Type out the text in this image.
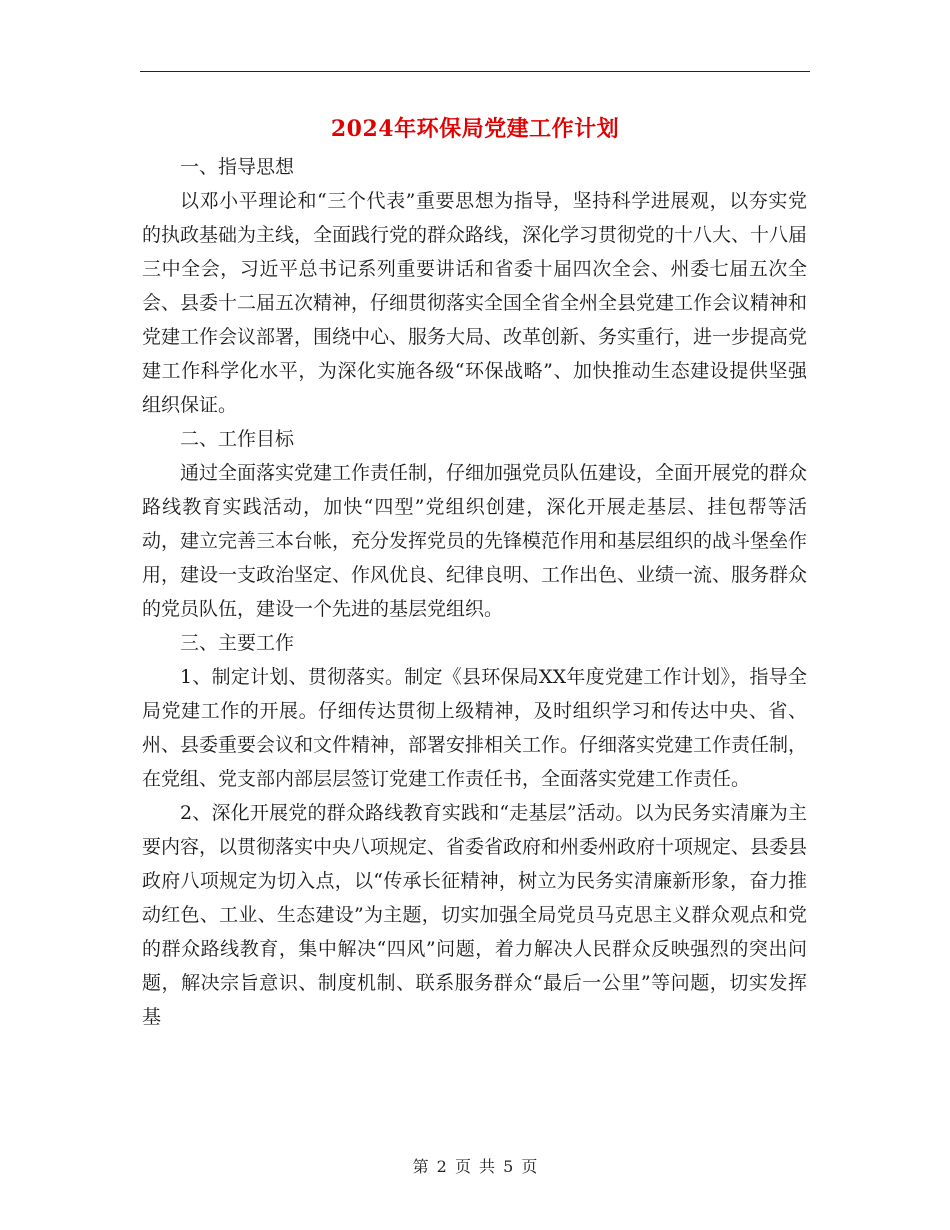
2024年环保局党建工作计划

一、指导思想

以邓小平理论和“三个代表”重要思想为指导，坚持科学进展观，以夯实党的执政基础为主线，全面践行党的群众路线，深化学习贯彻党的十八大、十八届三中全会，习近平总书记系列重要讲话和省委十届四次全会、州委七届五次全会、县委十二届五次精神，仔细贯彻落实全国全省全州全县党建工作会议精神和党建工作会议部署，围绕中心、服务大局、改革创新、务实重行，进一步提高党建工作科学化水平，为深化实施各级“环保战略”、加快推动生态建设提供坚强组织保证。

二、工作目标

通过全面落实党建工作责任制，仔细加强党员队伍建设，全面开展党的群众路线教育实践活动，加快“四型”党组织创建，深化开展走基层、挂包帮等活动，建立完善三本台帐，充分发挥党员的先锋模范作用和基层组织的战斗堡垒作用，建设一支政治坚定、作风优良、纪律良明、工作出色、业绩一流、服务群众的党员队伍，建设一个先进的基层党组织。

三、主要工作

1、制定计划、贯彻落实。制定《县环保局XX年度党建工作计划》，指导全局党建工作的开展。仔细传达贯彻上级精神，及时组织学习和传达中央、省、州、县委重要会议和文件精神，部署安排相关工作。仔细落实党建工作责任制，在党组、党支部内部层层签订党建工作责任书，全面落实党建工作责任。

2、深化开展党的群众路线教育实践和“走基层”活动。以为民务实清廉为主要内容，以贯彻落实中央八项规定、省委省政府和州委州政府十项规定、县委县政府八项规定为切入点，以“传承长征精神，树立为民务实清廉新形象，奋力推动红色、工业、生态建设”为主题，切实加强全局党员马克思主义群众观点和党的群众路线教育，集中解决“四风”问题，着力解决人民群众反映强烈的突出问题，解决宗旨意识、制度机制、联系服务群众“最后一公里”等问题，切实发挥基

第 2 页 共 5 页
